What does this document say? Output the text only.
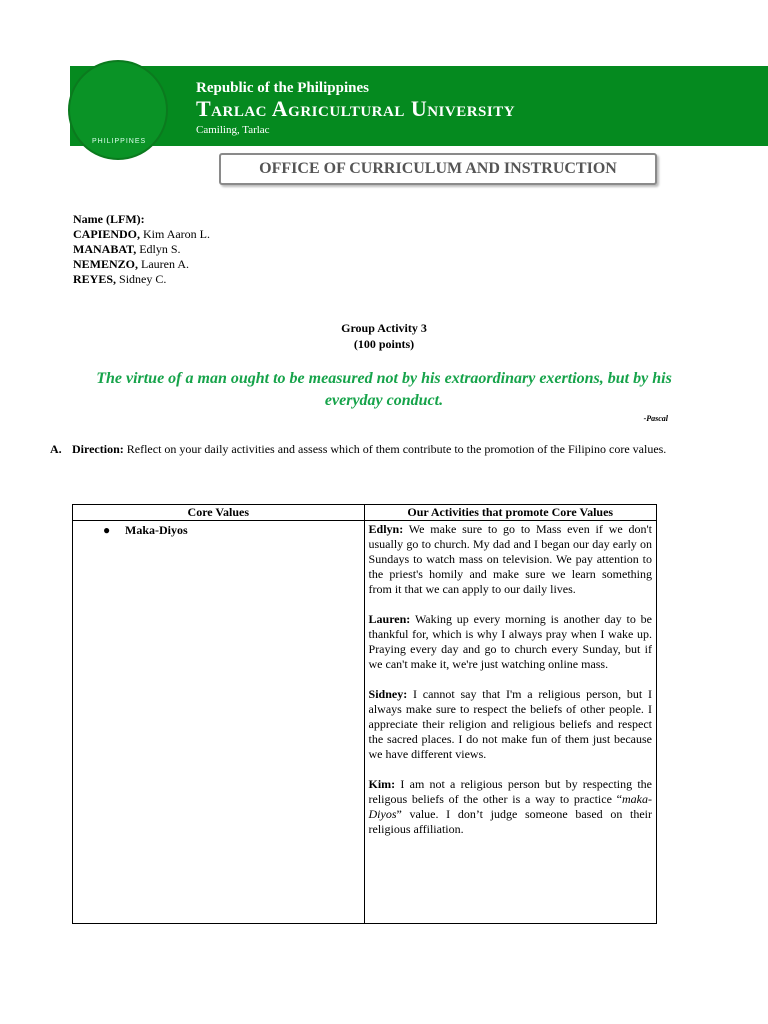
PHILIPPINES
Republic of the Philippines
Tarlac Agricultural University
Camiling, Tarlac
OFFICE OF CURRICULUM AND INSTRUCTION
Name (LFM):
CAPIENDO, Kim Aaron L.
MANABAT, Edlyn S.
NEMENZO, Lauren A.
REYES, Sidney C.
Group Activity 3
(100 points)
The virtue of a man ought to be measured not by his extraordinary exertions, but by his everyday conduct.
-Pascal
A. Direction: Reflect on your daily activities and assess which of them contribute to the promotion of the Filipino core values.
Core Values	Our Activities that promote Core Values

● Maka-Diyos	Edlyn: We make sure to go to Mass even if we don't usually go to church. My dad and I began our day early on Sundays to watch mass on television. We pay attention to the priest's homily and make sure we learn something from it that we can apply to our daily lives.
Lauren: Waking up every morning is another day to be thankful for, which is why I always pray when I wake up. Praying every day and go to church every Sunday, but if we can't make it, we're just watching online mass.
Sidney: I cannot say that I'm a religious person, but I always make sure to respect the beliefs of other people. I appreciate their religion and religious beliefs and respect the sacred places. I do not make fun of them just because we have different views.
Kim: I am not a religious person but by respecting the religous beliefs of the other is a way to practice “maka-Diyos” value. I don’t judge someone based on their religious affiliation.
